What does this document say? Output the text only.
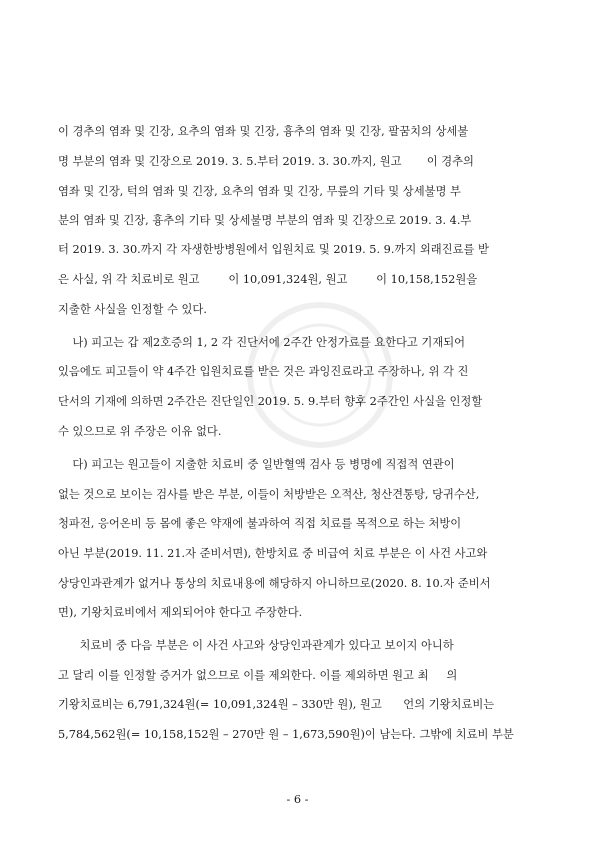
이 경추의 염좌 및 긴장, 요추의 염좌 및 긴장, 흉추의 염좌 및 긴장, 팔꿈치의 상세불
명 부분의 염좌 및 긴장으로 2019. 3. 5.부터 2019. 3. 30.까지, 원고       이 경추의
염좌 및 긴장, 턱의 염좌 및 긴장, 요추의 염좌 및 긴장, 무릎의 기타 및 상세불명 부
분의 염좌 및 긴장, 흉추의 기타 및 상세불명 부분의 염좌 및 긴장으로 2019. 3. 4.부
터 2019. 3. 30.까지 각 자생한방병원에서 입원치료 및 2019. 5. 9.까지 외래진료를 받
은 사실, 위 각 치료비로 원고        이 10,091,324원, 원고        이 10,158,152원을
지출한 사실을 인정할 수 있다.
나) 피고는 갑 제2호증의 1, 2 각 진단서에 2주간 안정가료를 요한다고 기재되어
있음에도 피고들이 약 4주간 입원치료를 받은 것은 과잉진료라고 주장하나, 위 각 진
단서의 기재에 의하면 2주간은 진단일인 2019. 5. 9.부터 향후 2주간인 사실을 인정할
수 있으므로 위 주장은 이유 없다.
다) 피고는 원고들이 지출한 치료비 중 일반혈액 검사 등 병명에 직접적 연관이
없는 것으로 보이는 검사를 받은 부분, 이들이 처방받은 오적산, 청산견통탕, 당귀수산,
청파전, 응어온비 등 몸에 좋은 약재에 불과하여 직접 치료를 목적으로 하는 처방이
아닌 부분(2019. 11. 21.자 준비서면), 한방치료 중 비급여 치료 부분은 이 사건 사고와
상당인과관계가 없거나 통상의 치료내용에 해당하지 아니하므로(2020. 8. 10.자 준비서
면), 기왕치료비에서 제외되어야 한다고 주장한다.
치료비 중 다음 부분은 이 사건 사고와 상당인과관계가 있다고 보이지 아니하
고 달리 이를 인정할 증거가 없으므로 이를 제외한다. 이를 제외하면 원고 최     의
기왕치료비는 6,791,324원(= 10,091,324원 – 330만 원), 원고      언의 기왕치료비는
5,784,562원(= 10,158,152원 – 270만 원 – 1,673,590원)이 남는다. 그밖에 치료비 부분
- 6 -
